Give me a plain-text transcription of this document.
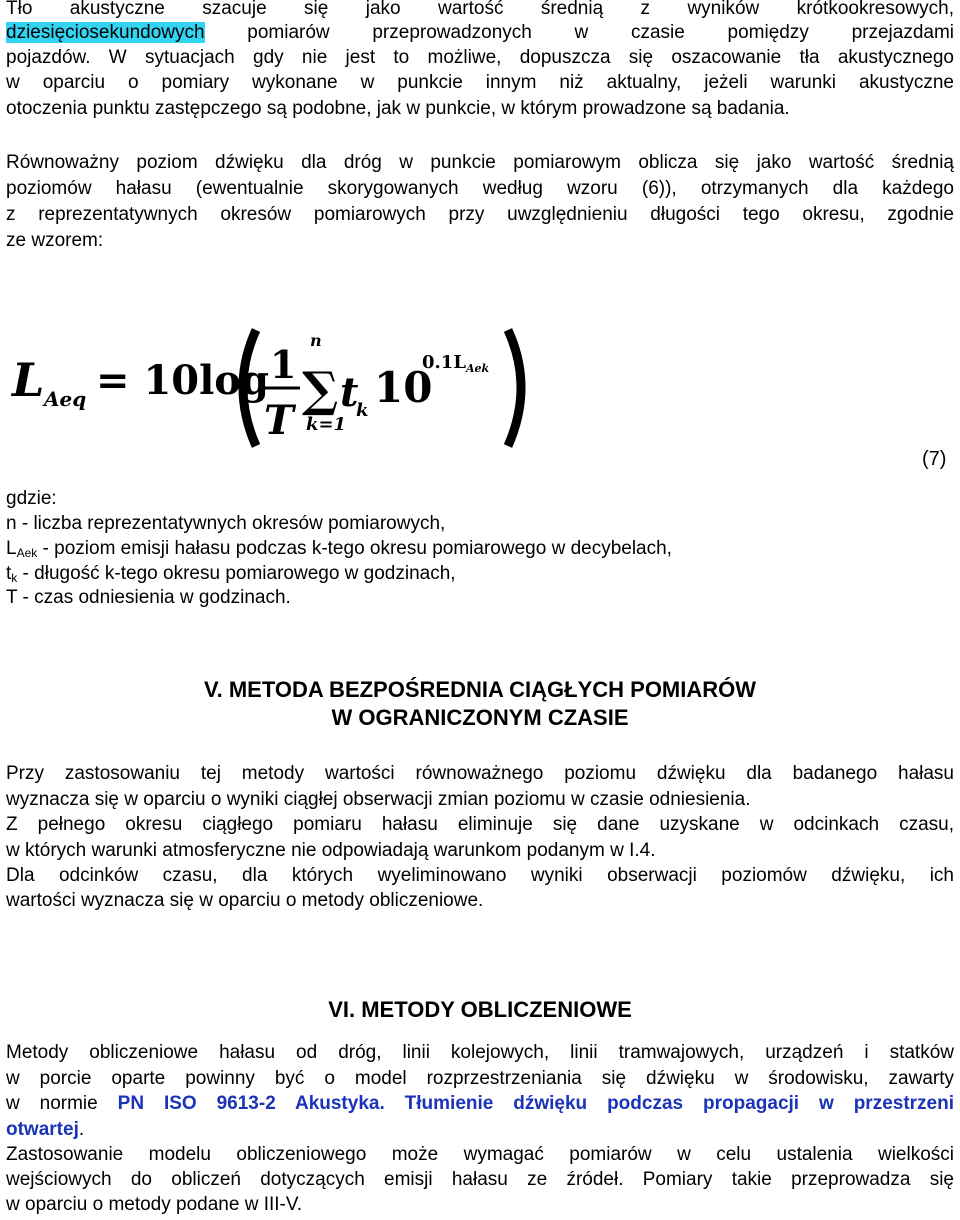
Tło akustyczne szacuje się jako wartość średnią z wyników krótkookresowych,
dziesięciosekundowych pomiarów przeprowadzonych w czasie pomiędzy przejazdami
pojazdów. W sytuacjach gdy nie jest to możliwe, dopuszcza się oszacowanie tła akustycznego
w oparciu o pomiary wykonane w punkcie innym niż aktualny, jeżeli warunki akustyczne
otoczenia punktu zastępczego są podobne, jak w punkcie, w którym prowadzone są badania.
Równoważny poziom dźwięku dla dróg w punkcie pomiarowym oblicza się jako wartość średnią
poziomów hałasu (ewentualnie skorygowanych według wzoru (6)), otrzymanych dla każdego
z reprezentatywnych okresów pomiarowych przy uwzględnieniu długości tego okresu, zgodnie
ze wzorem:
L Aeq = 10log 1
T
n
∑
k=1
t
k 10
0.1L Aek
(7)
gdzie:
n - liczba reprezentatywnych okresów pomiarowych,
$L_{Aek}$ - poziom emisji hałasu podczas k-tego okresu pomiarowego w decybelach,
$t_k$ - długość k-tego okresu pomiarowego w godzinach,
T - czas odniesienia w godzinach.
V. METODA BEZPOŚREDNIA CIĄGŁYCH POMIARÓW
W OGRANICZONYM CZASIE
Przy zastosowaniu tej metody wartości równoważnego poziomu dźwięku dla badanego hałasu
wyznacza się w oparciu o wyniki ciągłej obserwacji zmian poziomu w czasie odniesienia.
Z pełnego okresu ciągłego pomiaru hałasu eliminuje się dane uzyskane w odcinkach czasu,
w których warunki atmosferyczne nie odpowiadają warunkom podanym w I.4.
Dla odcinków czasu, dla których wyeliminowano wyniki obserwacji poziomów dźwięku, ich
wartości wyznacza się w oparciu o metody obliczeniowe.
VI. METODY OBLICZENIOWE
Metody obliczeniowe hałasu od dróg, linii kolejowych, linii tramwajowych, urządzeń i statków
w porcie oparte powinny być o model rozprzestrzeniania się dźwięku w środowisku, zawarty
w normie PN ISO 9613-2 Akustyka. Tłumienie dźwięku podczas propagacji w przestrzeni
otwartej.
Zastosowanie modelu obliczeniowego może wymagać pomiarów w celu ustalenia wielkości
wejściowych do obliczeń dotyczących emisji hałasu ze źródeł. Pomiary takie przeprowadza się
w oparciu o metody podane w III-V.
